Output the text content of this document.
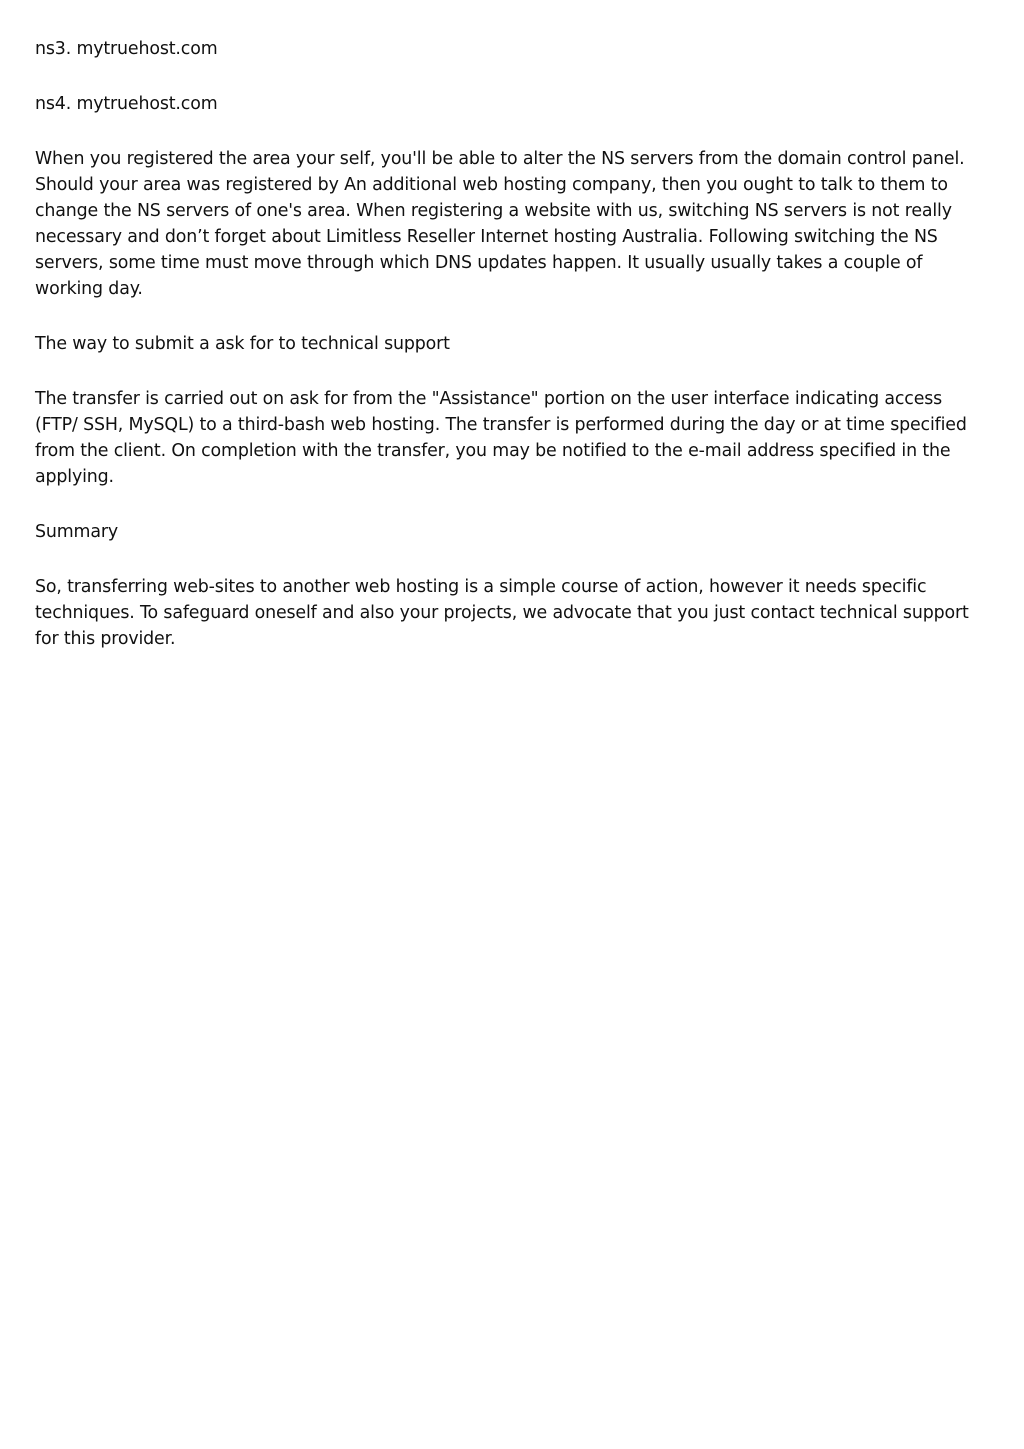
ns3. mytruehost.com

ns4. mytruehost.com

When you registered the area your self, you'll be able to alter the NS servers from the domain control panel. Should your area was registered by An additional web hosting company, then you ought to talk to them to change the NS servers of one's area. When registering a website with us, switching NS servers is not really necessary and don’t forget about Limitless Reseller Internet hosting Australia. Following switching the NS servers, some time must move through which DNS updates happen. It usually usually takes a couple of working day.

The way to submit a ask for to technical support

The transfer is carried out on ask for from the "Assistance" portion on the user interface indicating access (FTP/ SSH, MySQL) to a third-bash web hosting. The transfer is performed during the day or at time specified from the client. On completion with the transfer, you may be notified to the e-mail address specified in the applying.

Summary

So, transferring web-sites to another web hosting is a simple course of action, however it needs specific techniques. To safeguard oneself and also your projects, we advocate that you just contact technical support for this provider.
